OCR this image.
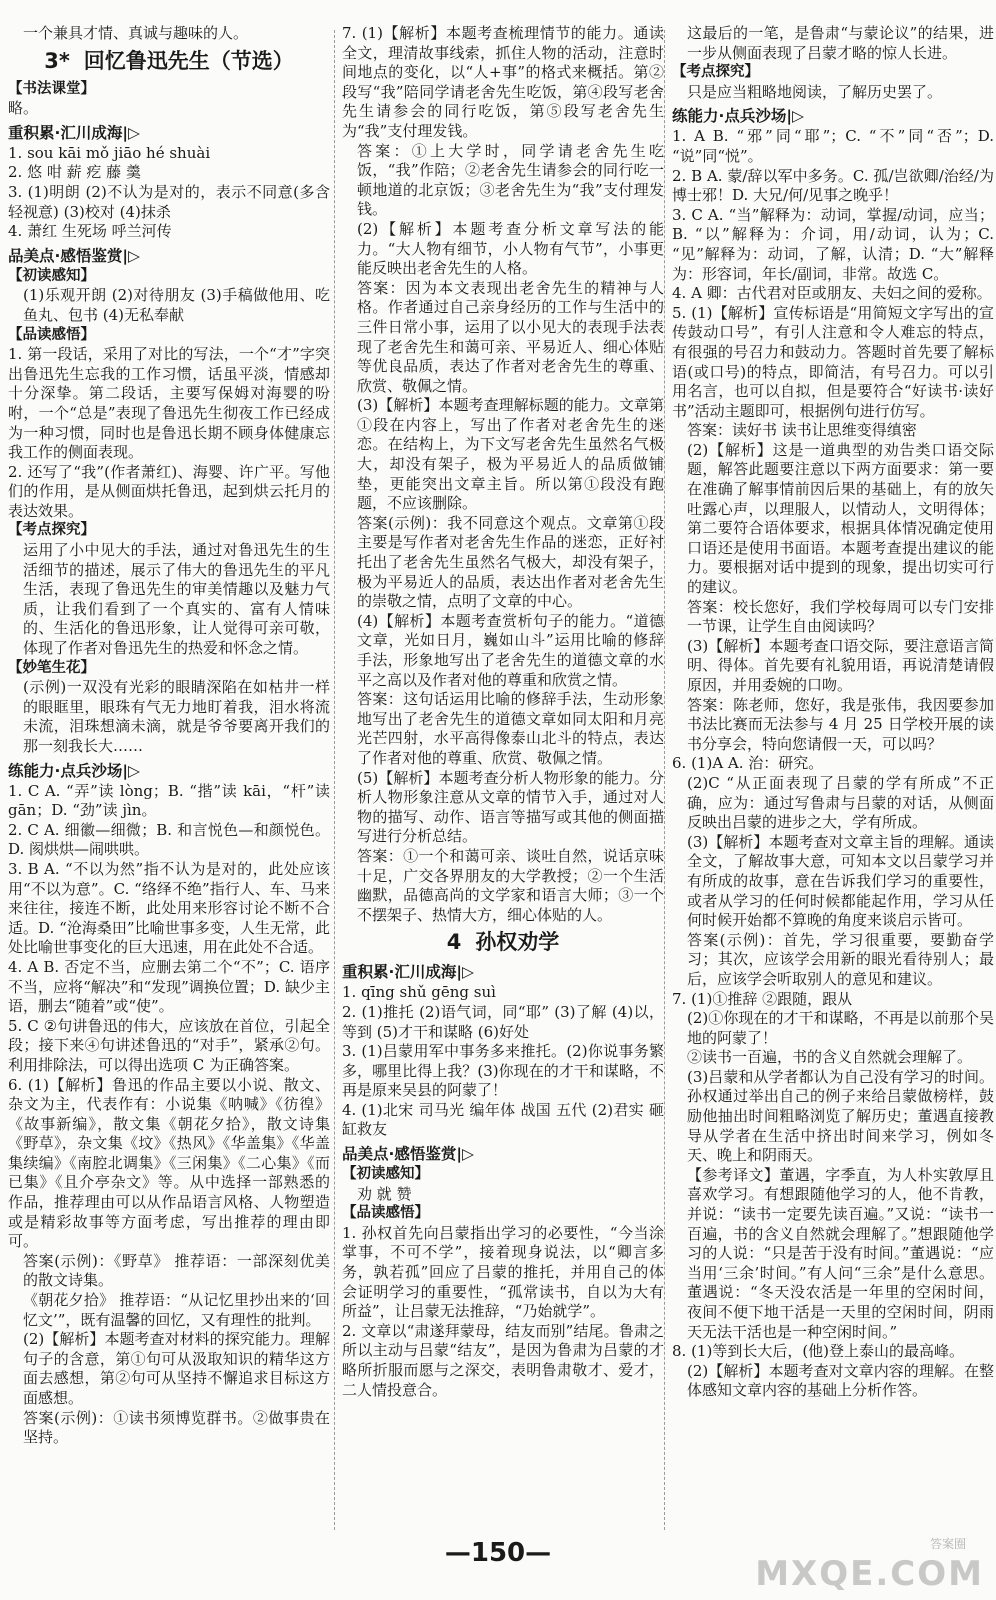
一个兼具才情、真诚与趣味的人。

3* 回忆鲁迅先生（节选）

【书法课堂】

略。

重积累·汇川成海|▷

1. sou kāi mǒ jiāo hé shuài

2. 悠 咁 薪 疙 藤 羹

3. (1)明朗 (2)不认为是对的，表示不同意(多含轻视意) (3)校对 (4)抹杀

4. 萧红 生死场 呼兰河传

品美点·感悟鉴赏|▷

【初读感知】

(1)乐观开朗 (2)对待朋友 (3)手稿做他用、吃鱼丸、包书 (4)无私奉献

【品读感悟】

1. 第一段话，采用了对比的写法，一个“才”字突出鲁迅先生忘我的工作习惯，话虽平淡，情感却十分深挚。第二段话，主要写保姆对海婴的吩咐，一个“总是”表现了鲁迅先生彻夜工作已经成为一种习惯，同时也是鲁迅长期不顾身体健康忘我工作的侧面表现。

2. 还写了“我”(作者萧红)、海婴、许广平。写他们的作用，是从侧面烘托鲁迅，起到烘云托月的表达效果。

【考点探究】

运用了小中见大的手法，通过对鲁迅先生的生活细节的描述，展示了伟大的鲁迅先生的平凡生活，表现了鲁迅先生的审美情趣以及魅力气质，让我们看到了一个真实的、富有人情味的、生活化的鲁迅形象，让人觉得可亲可敬，体现了作者对鲁迅先生的热爱和怀念之情。

【妙笔生花】

(示例)一双没有光彩的眼睛深陷在如枯井一样的眼眶里，眼珠有气无力地盯着我，泪水将流未流，泪珠想滴未滴，就是爷爷要离开我们的那一刻我长大……

练能力·点兵沙场|▷

1. C A. “弄”读 lòng；B. “揩”读 kāi，“杆”读 gān；D. “劲”读 jìn。

2. C A. 细徽—细微；B. 和言悦色—和颜悦色。D. 阂烘烘—闹哄哄。

3. B A. “不以为然”指不认为是对的，此处应该用“不以为意”。C. “络绎不绝”指行人、车、马来来往往，接连不断，此处用来形容讨论不断不合适。D. “沧海桑田”比喻世事多变，人生无常，此处比喻世事变化的巨大迅速，用在此处不合适。

4. A B. 否定不当，应删去第二个“不”；C. 语序不当，应将“解决”和“发现”调换位置；D. 缺少主语，删去“随着”或“使”。

5. C ②句讲鲁迅的伟大，应该放在首位，引起全段；接下来④句讲述鲁迅的“对手”，紧承②句。利用排除法，可以得出选项 C 为正确答案。

6. (1)【解析】鲁迅的作品主要以小说、散文、杂文为主，代表作有：小说集《呐喊》《彷徨》《故事新编》，散文集《朝花夕拾》，散文诗集《野草》，杂文集《坟》《热风》《华盖集》《华盖集续编》《南腔北调集》《三闲集》《二心集》《而已集》《且介亭杂文》等。从中选择一部熟悉的作品，推荐理由可以从作品语言风格、人物塑造或是精彩故事等方面考虑，写出推荐的理由即可。

答案(示例)：《野草》 推荐语：一部深刻优美的散文诗集。

《朝花夕拾》 推荐语：“从记忆里抄出来的‘回忆文’”，既有温馨的回忆，又有理性的批判。

(2)【解析】本题考查对材料的探究能力。理解句子的含意，第①句可从汲取知识的精华这方面去感想，第②句可从坚持不懈追求目标这方面感想。

答案(示例)：①读书须博览群书。②做事贵在坚持。

7. (1)【解析】本题考查梳理情节的能力。通读全文，理清故事线索，抓住人物的活动，注意时间地点的变化，以“人+事”的格式来概括。第②段写“我”陪同学请老舍先生吃饭，第④段写老舍先生请参会的同行吃饭，第⑤段写老舍先生为“我”支付理发钱。

答案：①上大学时，同学请老舍先生吃饭，“我”作陪；②老舍先生请参会的同行吃一顿地道的北京饭；③老舍先生为“我”支付理发钱。

(2)【解析】本题考查分析文章写法的能力。“大人物有细节，小人物有气节”，小事更能反映出老舍先生的人格。

答案：因为本文表现出老舍先生的精神与人格。作者通过自己亲身经历的工作与生活中的三件日常小事，运用了以小见大的表现手法表现了老舍先生和蔼可亲、平易近人、细心体贴等优良品质，表达了作者对老舍先生的尊重、欣赏、敬佩之情。

(3)【解析】本题考查理解标题的能力。文章第①段在内容上，写出了作者对老舍先生的迷恋。在结构上，为下文写老舍先生虽然名气极大，却没有架子，极为平易近人的品质做铺垫，更能突出文章主旨。所以第①段没有跑题，不应该删除。

答案(示例)：我不同意这个观点。文章第①段主要是写作者对老舍先生作品的迷恋，正好衬托出了老舍先生虽然名气极大，却没有架子，极为平易近人的品质，表达出作者对老舍先生的崇敬之情，点明了文章的中心。

(4)【解析】本题考查赏析句子的能力。“道德文章，光如日月，巍如山斗”运用比喻的修辞手法，形象地写出了老舍先生的道德文章的水平之高以及作者对他的尊重和欣赏之情。

答案：这句话运用比喻的修辞手法，生动形象地写出了老舍先生的道德文章如同太阳和月亮光芒四射，水平高得像泰山北斗的特点，表达了作者对他的尊重、欣赏、敬佩之情。

(5)【解析】本题考查分析人物形象的能力。分析人物形象注意从文章的情节入手，通过对人物的描写、动作、语言等描写或其他的侧面描写进行分析总结。

答案：①一个和蔼可亲、谈吐自然，说话京味十足，广交各界朋友的大学教授；②一个生活幽默，品德高尚的文学家和语言大师；③一个不摆架子、热情大方，细心体贴的人。

4 孙权劝学
重积累·汇川成海|▷

1. qīng shǔ gēng suì

2. (1)推托 (2)语气词，同“耶” (3)了解 (4)以，等到 (5)才干和谋略 (6)好处

3. (1)吕蒙用军中事务多来推托。(2)你说事务繁多，哪里比得上我？(3)你现在的才干和谋略，不再是原来吴县的阿蒙了！

4. (1)北宋 司马光 编年体 战国 五代 (2)君实 砸缸救友

品美点·感悟鉴赏|▷

【初读感知】

劝 就 赞

【品读感悟】

1. 孙权首先向吕蒙指出学习的必要性，“今当涂掌事，不可不学”，接着现身说法，以“卿言多务，孰若孤”回应了吕蒙的推托，并用自己的体会证明学习的重要性，“孤常读书，自以为大有所益”，让吕蒙无法推辞，“乃始就学”。

2. 文章以“肃遂拜蒙母，结友而别”结尾。鲁肃之所以主动与吕蒙“结友”，是因为鲁肃为吕蒙的才略所折服而愿与之深交，表明鲁肃敬才、爱才，二人情投意合。

这最后的一笔，是鲁肃“与蒙论议”的结果，进一步从侧面表现了吕蒙才略的惊人长进。

【考点探究】

只是应当粗略地阅读，了解历史罢了。

练能力·点兵沙场|▷

1. A B. “邪”同“耶”；C. “不”同“否”；D. “说”同“悦”。

2. B A. 蒙/辞以军中多务。C. 孤/岂欲卿/治经/为博士邪！D. 大兄/何/见事之晚乎！

3. C A. “当”解释为：动词，掌握/动词，应当；B. “以”解释为：介词，用/动词，认为；C. “见”解释为：动词，了解，认清；D. “大”解释为：形容词，年长/副词，非常。故选 C。

4. A 卿：古代君对臣或朋友、夫妇之间的爱称。

5. (1)【解析】宣传标语是“用简短文字写出的宣传鼓动口号”，有引人注意和令人难忘的特点，有很强的号召力和鼓动力。答题时首先要了解标语(或口号)的特点，即简洁，有号召力。可以引用名言，也可以自拟，但是要符合“好读书·读好书”活动主题即可，根据例句进行仿写。

答案：读好书 读书让思维变得缜密

(2)【解析】这是一道典型的劝告类口语交际题，解答此题要注意以下两方面要求：第一要在准确了解事情前因后果的基础上，有的放矢吐露心声，以理服人，以情动人，文明得体；第二要符合语体要求，根据具体情况确定使用口语还是使用书面语。本题考查提出建议的能力。要根据对话中提到的现象，提出切实可行的建议。

答案：校长您好，我们学校每周可以专门安排一节课，让学生自由阅读吗？

(3)【解析】本题考查口语交际，要注意语言简明、得体。首先要有礼貌用语，再说清楚请假原因，并用委婉的口吻。

答案：陈老师，您好，我是张伟，我因要参加书法比赛而无法参与 4 月 25 日学校开展的读书分享会，特向您请假一天，可以吗？

6. (1)A A. 治：研究。

(2)C “从正面表现了吕蒙的学有所成”不正确，应为：通过写鲁肃与吕蒙的对话，从侧面反映出吕蒙的进步之大，学有所成。

(3)【解析】本题考查对文章主旨的理解。通读全文，了解故事大意，可知本文以吕蒙学习并有所成的故事，意在告诉我们学习的重要性，或者从学习的任何时候都能起作用，学习从任何时候开始都不算晚的角度来谈启示皆可。

答案(示例)：首先，学习很重要，要勤奋学习；其次，应该学会用新的眼光看待别人；最后，应该学会听取别人的意见和建议。

7. (1)①推辞 ②跟随，跟从

(2)①你现在的才干和谋略，不再是以前那个吴地的阿蒙了！

②读书一百遍，书的含义自然就会理解了。

(3)吕蒙和从学者都认为自己没有学习的时间。孙权通过举出自己的例子来给吕蒙做榜样，鼓励他抽出时间粗略浏览了解历史；董遇直接教导从学者在生活中挤出时间来学习，例如冬天、晚上和阴雨天。

【参考译文】董遇，字季直，为人朴实敦厚且喜欢学习。有想跟随他学习的人，他不肯教，并说：“读书一定要先读百遍。”又说：“读书一百遍，书的含义自然就会理解了。”想跟随他学习的人说：“只是苦于没有时间。”董遇说：“应当用‘三余’时间。”有人问“三余”是什么意思。董遇说：“冬天没农活是一年里的空闲时间，夜间不便下地干活是一天里的空闲时间，阴雨天无法干活也是一种空闲时间。”

8. (1)等到长大后，(他)登上泰山的最高峰。

(2)【解析】本题考查对文章内容的理解。在整体感知文章内容的基础上分析作答。

—150—	答案圈
MXQE.COM
